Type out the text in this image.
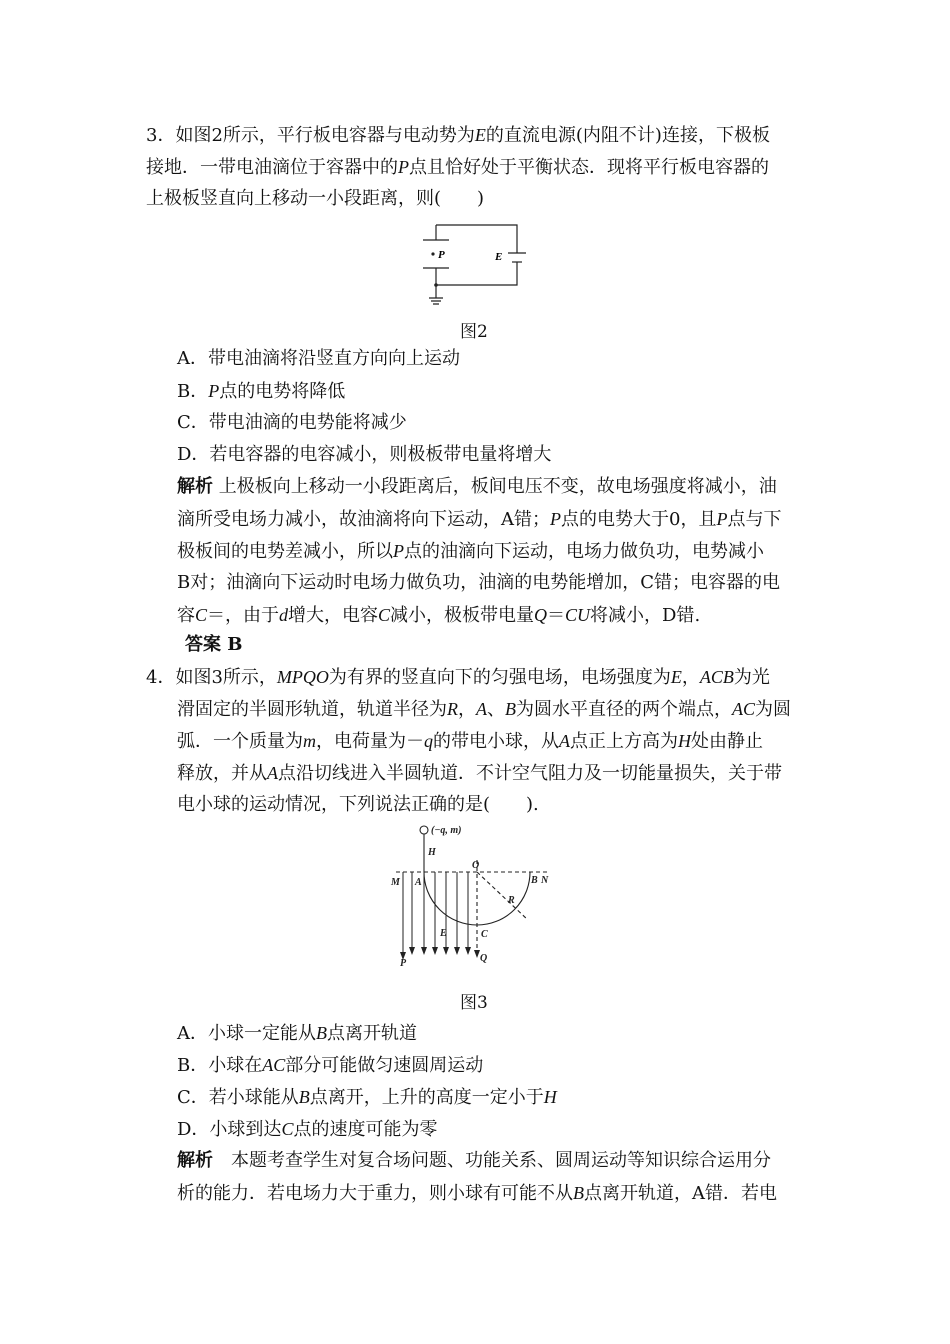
3．如图2所示，平行板电容器与电动势为E的直流电源(内阻不计)连接，下极板
接地．一带电油滴位于容器中的P点且恰好处于平衡状态．现将平行板电容器的
上极板竖直向上移动一小段距离，则(　　)
P	E
图2
A．带电油滴将沿竖直方向向上运动
B．P点的电势将降低
C．带电油滴的电势能将减少
D．若电容器的电容减小，则极板带电量将增大
解析 上极板向上移动一小段距离后，板间电压不变，故电场强度将减小，油
滴所受电场力减小，故油滴将向下运动，A错；P点的电势大于0，且P点与下
极板间的电势差减小，所以P点的油滴向下运动，电场力做负功，电势减小
B对；油滴向下运动时电场力做负功，油滴的电势能增加，C错；电容器的电
容C＝，由于d增大，电容C减小，极板带电量Q＝CU将减小，D错.
答案 B
4．如图3所示，MPQO为有界的竖直向下的匀强电场，电场强度为E，ACB为光
滑固定的半圆形轨道，轨道半径为R，A、B为圆水平直径的两个端点，AC为圆
弧．一个质量为m，电荷量为－q的带电小球，从A点正上方高为H处由静止
释放，并从A点沿切线进入半圆轨道．不计空气阻力及一切能量损失，关于带
电小球的运动情况，下列说法正确的是(　　).
(−q, m)
H
O
M A	B N
R
E	C
P	Q
图3
A．小球一定能从B点离开轨道
B．小球在AC部分可能做匀速圆周运动
C．若小球能从B点离开，上升的高度一定小于H
D．小球到达C点的速度可能为零
解析　 本题考查学生对复合场问题、功能关系、圆周运动等知识综合运用分
析的能力．若电场力大于重力，则小球有可能不从B点离开轨道，A错．若电
